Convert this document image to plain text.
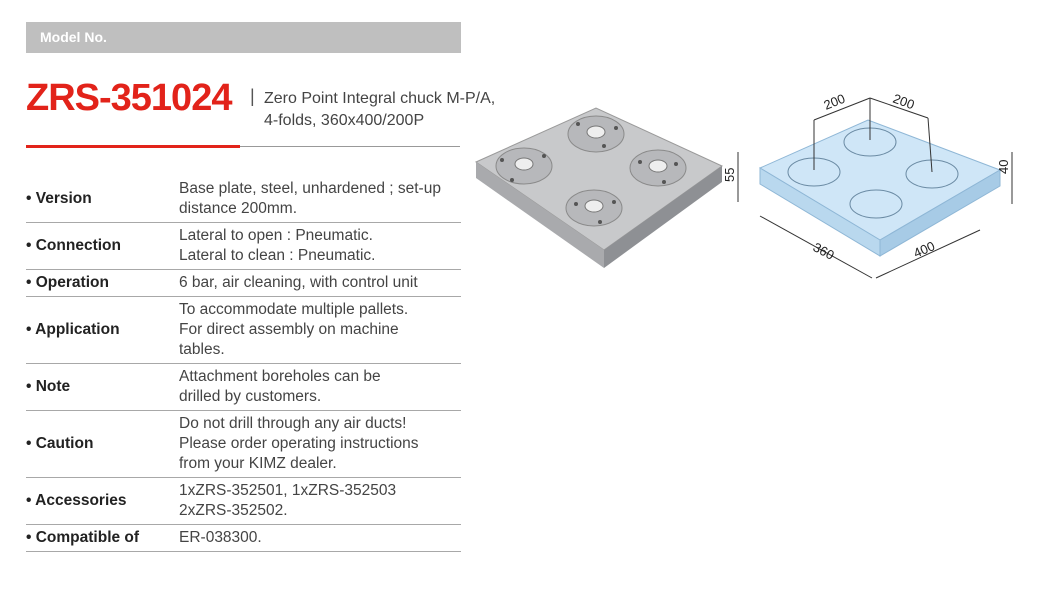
Model No.
ZRS-351024 | Zero Point Integral chuck M-P/A,
4-folds, 360x400/200P
• Version	Base plate, steel, unhardened ; set-up
distance 200mm.

• Connection	Lateral to open : Pneumatic.
Lateral to clean : Pneumatic.

• Operation	6 bar, air cleaning, with control unit

• Application	To accommodate multiple pallets.
For direct assembly on machine
tables.

• Note	Attachment boreholes can be
drilled by customers.

• Caution	Do not drill through any air ducts!
Please order operating instructions
from your KIMZ dealer.

• Accessories	1xZRS-352501, 1xZRS-352503
2xZRS-352502.

• Compatible of	ER-038300.
200	200
55
40
360	400
